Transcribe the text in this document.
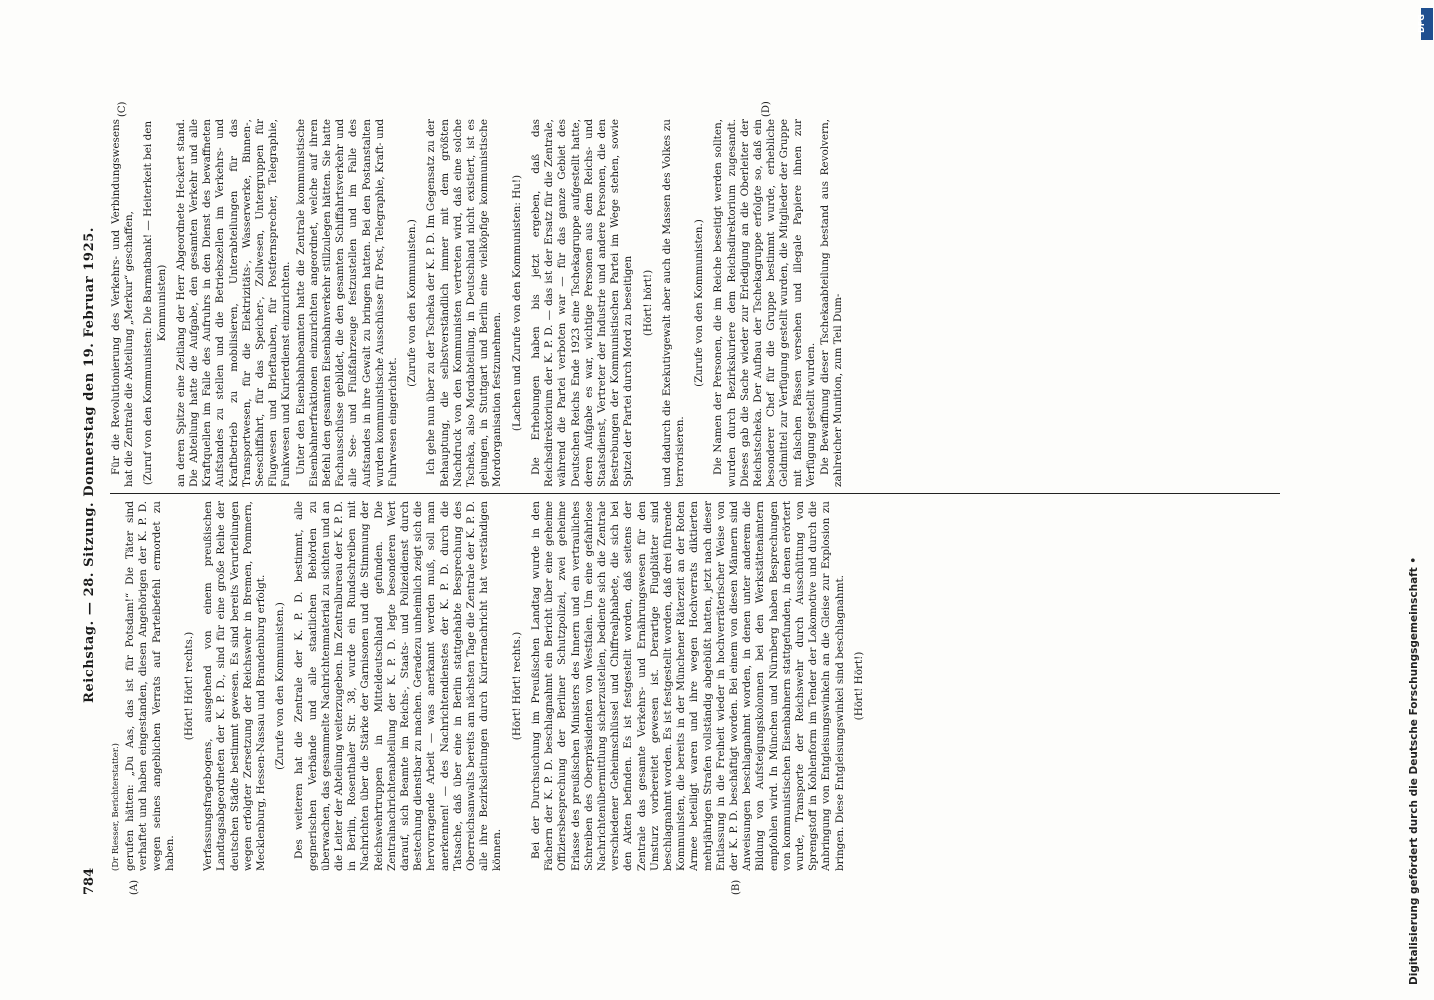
784
Reichstag. — 28. Sitzung. Donnerstag den 19. Februar 1925.
(A)	(B)
(C)	(D)

(Dr Riesser, Berichterstatter.) gerufen hätten: „Du Aas, das ist für Potsdam!“ Die Täter sind verhaftet und haben eingestanden, diesen Angehörigen der K. P. D. wegen seines angeblichen Verrats auf Parteibefehl ermordet zu haben.

(Hört! Hört! rechts.) Verfassungsfragebogens, ausgehend von einem preußischen Landtagsabgeordneten der K. P. D., sind für eine große Reihe der deutschen Städte bestimmt gewesen. Es sind bereits Verurteilungen wegen erfolgter Zersetzung der Reichswehr in Bremen, Pommern, Mecklenburg, Hessen-Nassau und Brandenburg erfolgt. (Zurufe von den Kommunisten.) Des weiteren hat die Zentrale der K. P. D. bestimmt, alle gegnerischen Verbände und alle staatlichen Behörden zu überwachen, das gesammelte Nachrichtenmaterial zu sichten und an die Leiter der Abteilung weiterzugeben. Im Zentralbureau der K. P. D. in Berlin, Rosenthaler Str. 38, wurde ein Rundschreiben mit Nachrichten über die Stärke der Garnisonen und die Stimmung der Reichswehrtruppen in Mitteldeutschland gefunden. Die Zentralnachrichtenabteilung der K. P. D. legte besonderen Wert darauf, sich Beamte im Reichs-, Staats- und Polizeidienst durch Bestechung dienstbar zu machen. Geradezu unheimlich zeigt sich die hervorragende Arbeit — was anerkannt werden muß, soll man anerkennen! — des Nachrichtendienstes der K. P. D. durch die Tatsache, daß über eine in Berlin stattgehabte Besprechung des Oberreichsanwalts bereits am nächsten Tage die Zentrale der K. P. D. alle ihre Bezirksleitungen durch Kuriernachricht hat verständigen können.

(Hört! Hört! rechts.) Bei der Durchsuchung im Preußischen Landtag wurde in den Fächern der K. P. D. beschlagnahmt ein Bericht über eine geheime Offiziersbesprechung der Berliner Schutzpolizei, zwei geheime Erlasse des preußischen Ministers des Innern und ein vertrauliches Schreiben des Oberpräsidenten von Westfalen. Um eine gefahrlose Nachrichtenübermittlung sicherzustellen, bediente sich die Zentrale verschiedener Geheimschlüssel und Chiffrealphabete, die sich bei den Akten befinden. Es ist festgestellt worden, daß seitens der Zentrale das gesamte Verkehrs- und Ernährungswesen für den Umsturz vorbereitet gewesen ist. Derartige Flugblätter sind beschlagnahmt worden. Es ist festgestellt worden, daß drei führende Kommunisten, die bereits in der Münchener Räterzeit an der Roten Armee beteiligt waren und ihre wegen Hochverrats diktierten mehrjährigen Strafen vollständig abgebüßt hatten, jetzt nach dieser Entlassung in die Freiheit wieder in hochverräterischer Weise von der K. P. D. beschäftigt worden. Bei einem von diesen Männern sind Anweisungen beschlagnahmt worden, in denen unter anderem die Bildung von Aufsteigungskolonnen bei den Werkstättenämtern empfohlen wird. In München und Nürnberg haben Besprechungen von kommunistischen Eisenbahnern stattgefunden, in denen erörtert wurde, Transporte der Reichswehr durch Ausschüttung von Sprengstoff in Kohlenform im Tender der Lokomotive und durch die Anbringung von Entgleisungswinkeln an die Gleise zur Explosion zu bringen. Diese Entgleisungswinkel sind beschlagnahmt. (Hört! Hört!)

Für die Revolutionierung des Verkehrs- und Verbindungswesens hat die Zentrale die Abteilung „Merkur“ geschaffen, (Zuruf von den Kommunisten: Die Barmatbank! — Heiterkeit bei den Kommunisten) an deren Spitze eine Zeitlang der Herr Abgeordnete Heckert stand. Die Abteilung hatte die Aufgabe, den gesamten Verkehr und alle Kraftquellen im Falle des Aufruhrs in den Dienst des bewaffneten Aufstandes zu stellen und die Betriebszellen im Verkehrs- und Kraftbetrieb zu mobilisieren, Unterabteilungen für das Transportwesen, für die Elektrizitäts-, Wasserwerke, Binnen-, Seeschiffahrt, für das Speicher-, Zollwesen, Untergruppen für Flugwesen und Brieftauben, für Postfernsprecher, Telegraphie, Funkwesen und Kurierdienst einzurichten. Unter den Eisenbahnbeamten hatte die Zentrale kommunistische Eisenbahnerfraktionen einzurichten angeordnet, welche auf ihren Befehl den gesamten Eisenbahnverkehr stillzulegen hätten. Sie hatte Fachausschüsse gebildet, die den gesamten Schiffahrtsverkehr und alle See- und Flußfahrzeuge festzustellen und im Falle des Aufstandes in ihre Gewalt zu bringen hatten. Bei den Postanstalten wurden kommunistische Ausschüsse für Post, Telegraphie, Kraft- und Fuhrwesen eingerichtet.

(Zurufe von den Kommunisten.) Ich gehe nun über zu der Tscheka der K. P. D. Im Gegensatz zu der Behauptung, die selbstverständlich immer mit dem größten Nachdruck von den Kommunisten vertreten wird, daß eine solche Tscheka, also Mordabteilung, in Deutschland nicht existiert, ist es gelungen, in Stuttgart und Berlin eine vielköpfige kommunistische Mordorganisation festzunehmen. (Lachen und Zurufe von den Kommunisten: Hu!) Die Erhebungen haben bis jetzt ergeben, daß das Reichsdirektorium der K. P. D. — das ist der Ersatz für die Zentrale, während die Partei verboten war — für das ganze Gebiet des Deutschen Reichs Ende 1923 eine Tschekagruppe aufgestellt hatte, deren Aufgabe es war, wichtige Personen aus dem Reichs- und Staatsdienst, Vertreter der Industrie und andere Personen, die den Bestrebungen der Kommunistischen Partei im Wege stehen, sowie Spitzel der Partei durch Mord zu beseitigen (Hört! hört!) und dadurch die Exekutivgewalt aber auch die Massen des Volkes zu terrorisieren.

(Zurufe von den Kommunisten.) Die Namen der Personen, die im Reiche beseitigt werden sollten, wurden durch Bezirkskuriere dem Reichsdirektorium zugesandt. Dieses gab die Sache wieder zur Erledigung an die Oberleiter der Reichstscheka. Der Aufbau der Tschekagruppe erfolgte so, daß ein besonderer Chef für die Gruppe bestimmt wurde, erhebliche Geldmittel zur Verfügung gestellt wurden, die Mitglieder der Gruppe mit falschen Pässen versehen und illegale Papiere ihnen zur Verfügung gestellt wurden. Die Bewaffnung dieser Tschekaabteilung bestand aus Revolvern, zahlreicher Munition, zum Teil Dum-

Digitalisierung gefördert durch die Deutsche Forschungsgemeinschaft •
DFG
